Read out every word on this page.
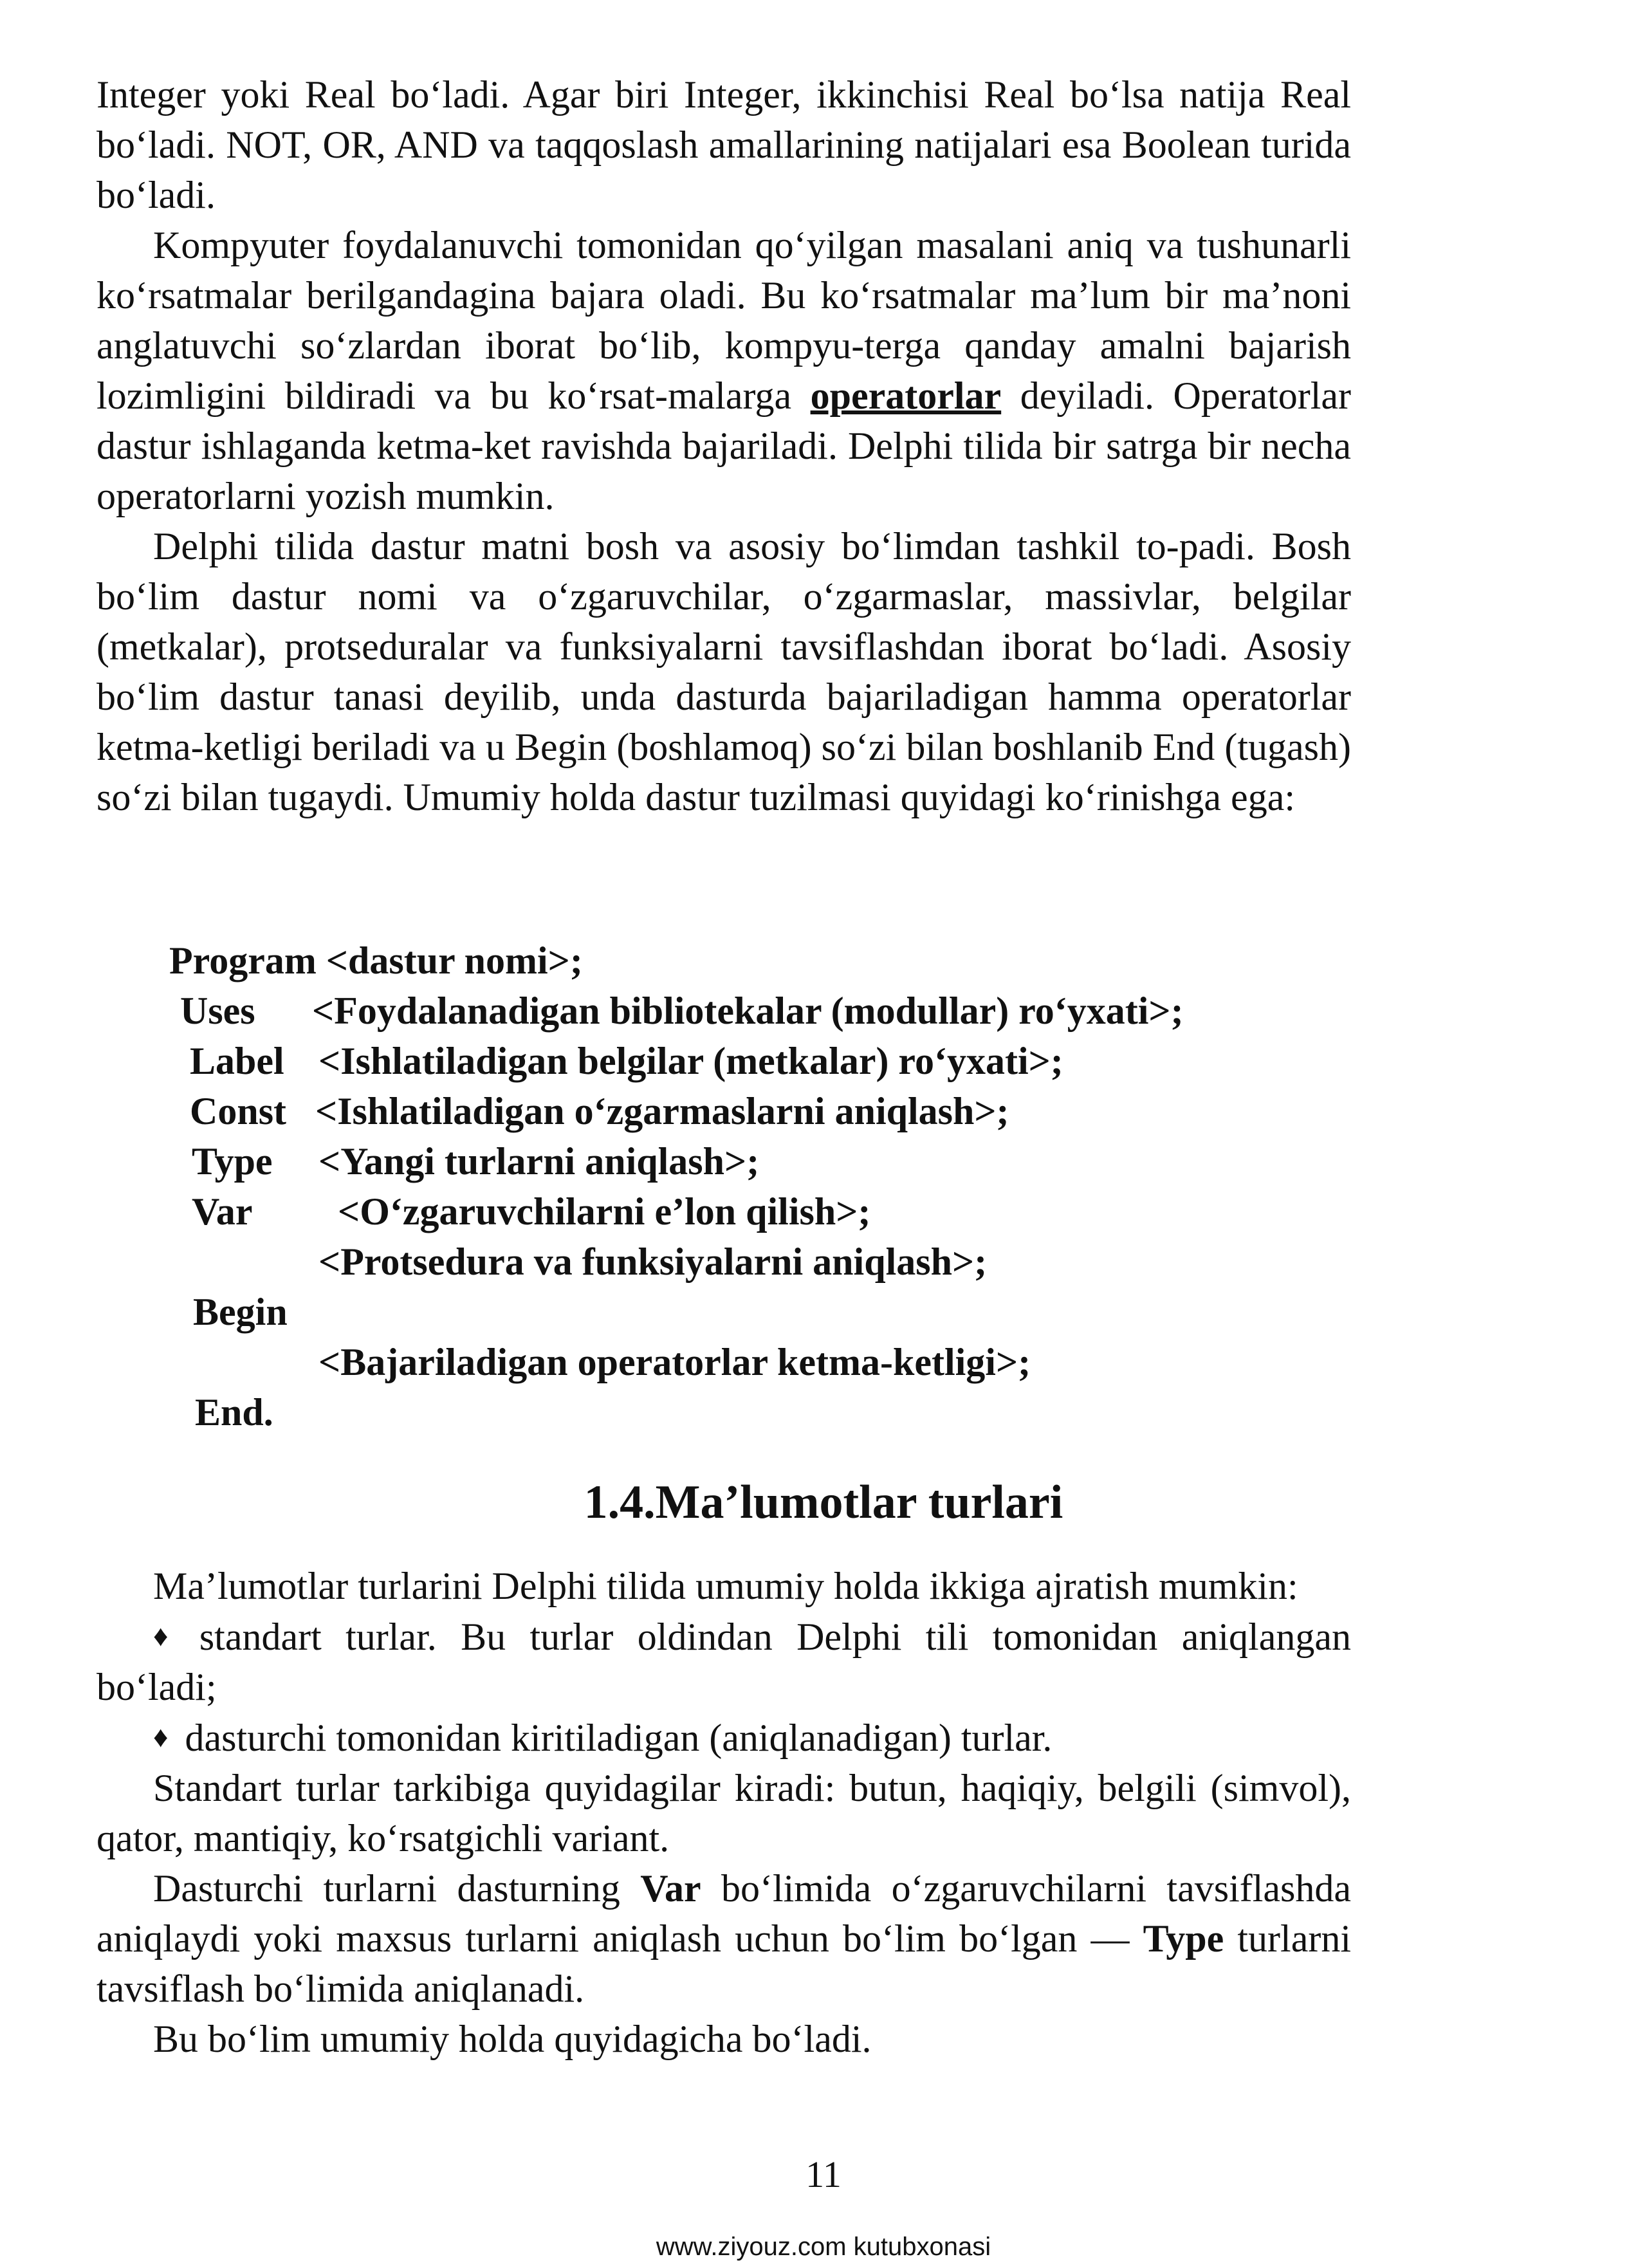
Integer yoki Real bo‘ladi. Agar biri Integer, ikkinchisi Real bo‘lsa natija Real bo‘ladi. NOT, OR, AND va taqqoslash amallarining natijalari esa Boolean turida bo‘ladi.

Kompyuter foydalanuvchi tomonidan qo‘yilgan masalani aniq va tushunarli ko‘rsatmalar berilgandagina bajara oladi. Bu ko‘rsatmalar ma’lum bir ma’noni anglatuvchi so‘zlardan iborat bo‘lib, kompyu-terga qanday amalni bajarish lozimligini bildiradi va bu ko‘rsat-malarga operatorlar deyiladi. Operatorlar dastur ishlaganda ketma-ket ravishda bajariladi. Delphi tilida bir satrga bir necha operatorlarni yozish mumkin.

Delphi tilida dastur matni bosh va asosiy bo‘limdan tashkil to-padi. Bosh bo‘lim dastur nomi va o‘zgaruvchilar, o‘zgarmaslar, massivlar, belgilar (metkalar), protseduralar va funksiyalarni tavsiflashdan iborat bo‘ladi. Asosiy bo‘lim dastur tanasi deyilib, unda dasturda bajariladigan hamma operatorlar ketma-ketligi beriladi va u Begin (boshlamoq) so‘zi bilan boshlanib End (tugash) so‘zi bilan tugaydi. Umumiy holda dastur tuzilmasi quyidagi ko‘rinishga ega:

Program <dastur nomi>;
Uses <Foydalanadigan bibliotekalar (modullar) ro‘yxati>;
Label <Ishlatiladigan belgilar (metkalar) ro‘yxati>;
Const <Ishlatiladigan o‘zgarmaslarni aniqlash>;
Type <Yangi turlarni aniqlash>;
Var <O‘zgaruvchilarni e’lon qilish>;
<Protsedura va funksiyalarni aniqlash>;
Begin
<Bajariladigan operatorlar ketma-ketligi>;
End.
1.4.Ma’lumotlar turlari

Ma’lumotlar turlarini Delphi tilida umumiy holda ikkiga ajratish mumkin:

♦ standart turlar. Bu turlar oldindan Delphi tili tomonidan aniqlangan bo‘ladi;

♦ dasturchi tomonidan kiritiladigan (aniqlanadigan) turlar.

Standart turlar tarkibiga quyidagilar kiradi: butun, haqiqiy, belgili (simvol), qator, mantiqiy, ko‘rsatgichli variant.

Dasturchi turlarni dasturning Var bo‘limida o‘zgaruvchilarni tavsiflashda aniqlaydi yoki maxsus turlarni aniqlash uchun bo‘lim bo‘lgan — Type turlarni tavsiflash bo‘limida aniqlanadi.

Bu bo‘lim umumiy holda quyidagicha bo‘ladi.

11
www.ziyouz.com kutubxonasi
